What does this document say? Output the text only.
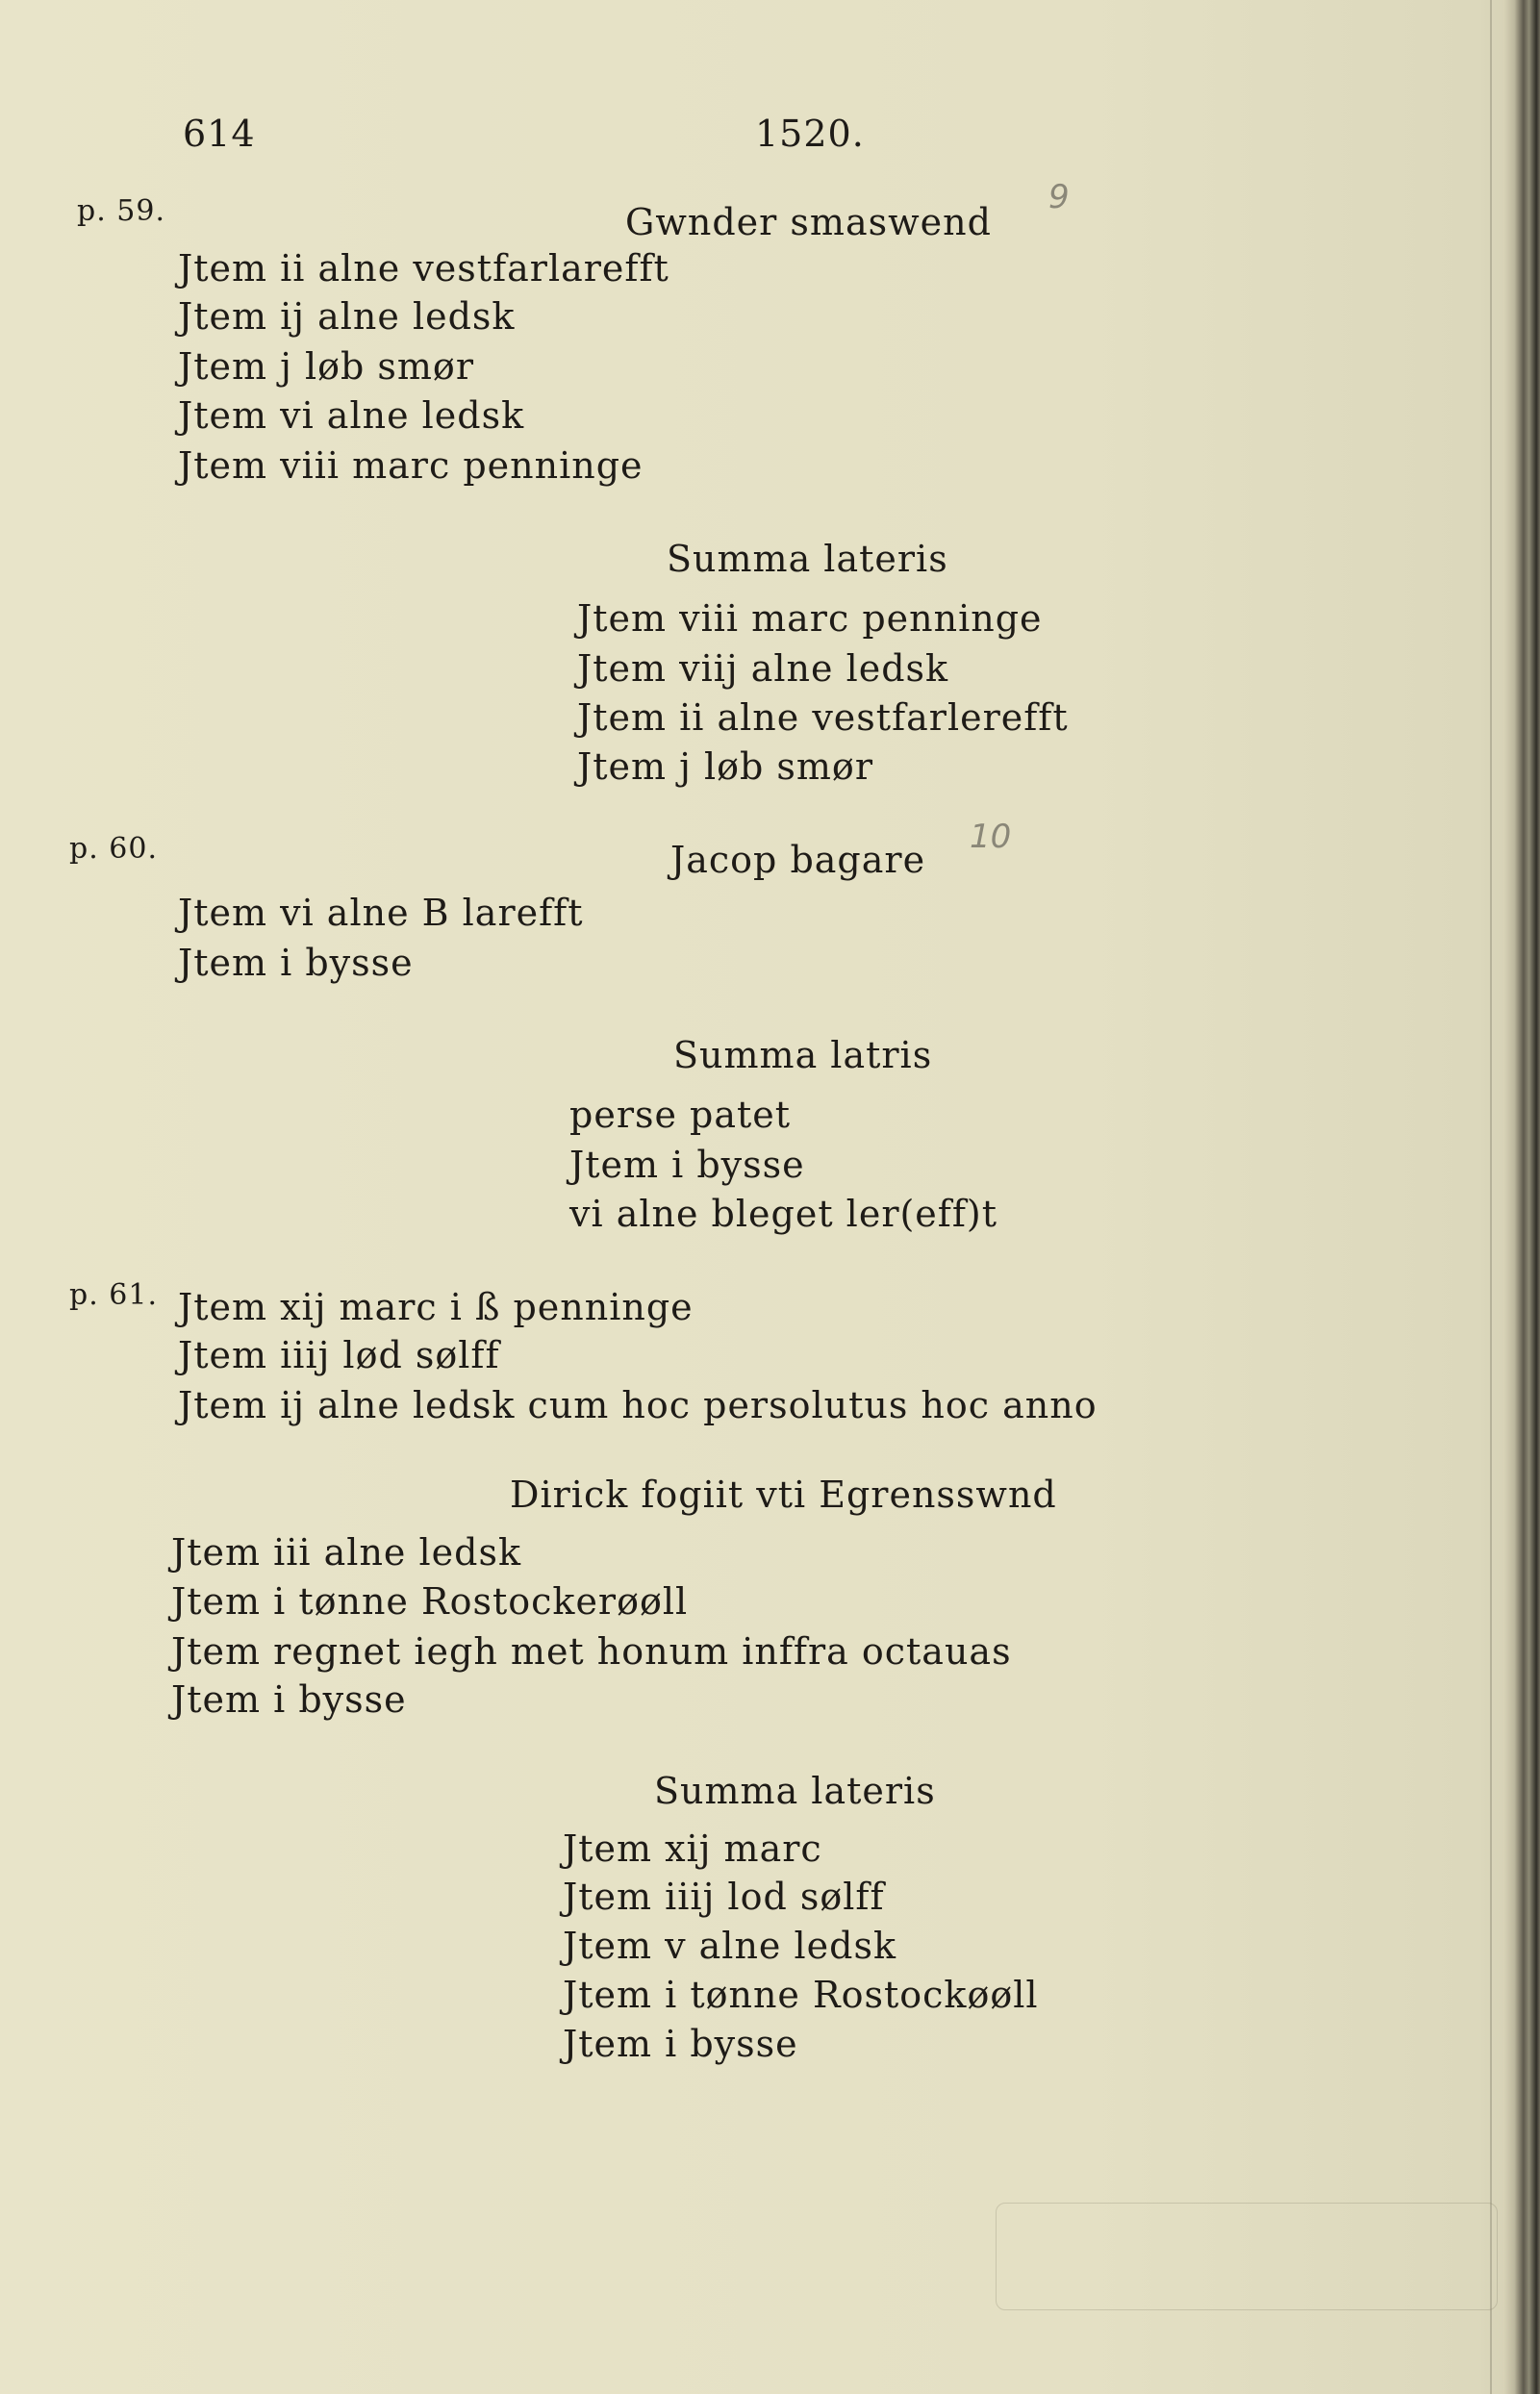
614	1520.
p. 59.	Gwnder smaswend
9
Jtem ii alne vestfarlarefft
Jtem ij alne ledsk
Jtem j løb smør
Jtem vi alne ledsk
Jtem viii marc penninge
Summa lateris
Jtem viii marc penninge
Jtem viij alne ledsk
Jtem ii alne vestfarlerefft
Jtem j løb smør
p. 60.	Jacop bagare
10
Jtem vi alne B larefft
Jtem i bysse
Summa latris
perse patet
Jtem i bysse
vi alne bleget ler(eff)t
p. 61. Jtem xij marc i ß penninge
Jtem iiij lød sølff
Jtem ij alne ledsk cum hoc persolutus hoc anno
Dirick fogiit vti Egrensswnd
Jtem iii alne ledsk
Jtem i tønne Rostockerøøll
Jtem regnet iegh met honum inffra octauas
Jtem i bysse
Summa lateris
Jtem xij marc
Jtem iiij lod sølff
Jtem v alne ledsk
Jtem i tønne Rostockøøll
Jtem i bysse
